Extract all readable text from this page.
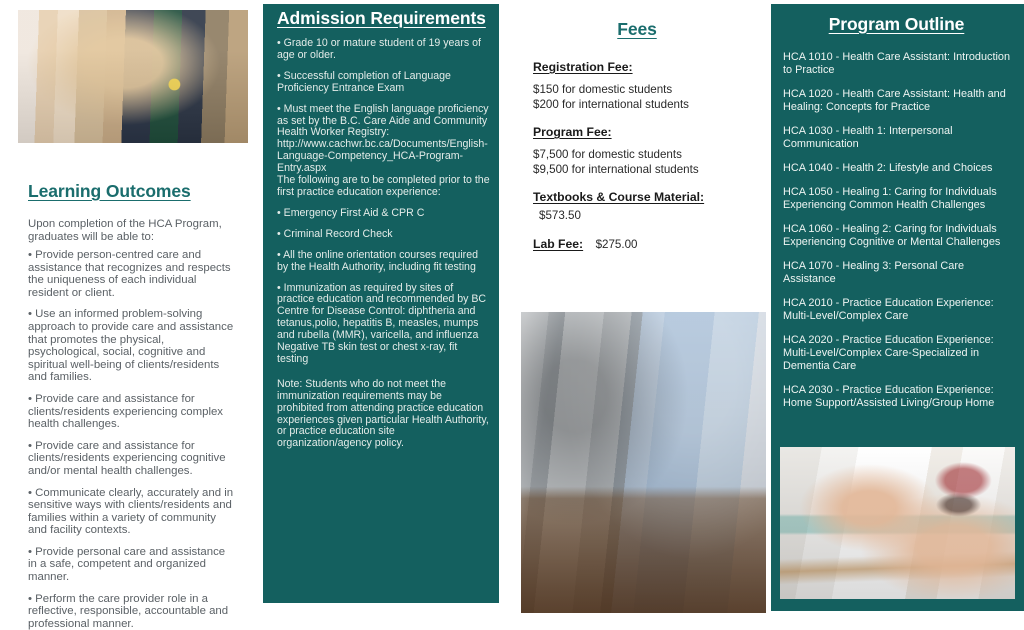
Learning Outcomes
Upon completion of the HCA Program, graduates will be able to:
• Provide person-centred care and assistance that recognizes and respects the uniqueness of each individual resident or client.
• Use an informed problem-solving approach to provide care and assistance that promotes the physical, psychological, social, cognitive and spiritual well-being of clients/residents and families.
• Provide care and assistance for clients/residents experiencing complex health challenges.
• Provide care and assistance for clients/residents experiencing cognitive and/or mental health challenges.
• Communicate clearly, accurately and in sensitive ways with clients/residents and families within a variety of community and facility contexts.
• Provide personal care and assistance in a safe, competent and organized manner.
• Perform the care provider role in a reflective, responsible, accountable and professional manner.
Admission Requirements
• Grade 10 or mature student of 19 years of age or older.
• Successful completion of Language Proficiency Entrance Exam
• Must meet the English language proficiency as set by the B.C. Care Aide and Community Health Worker Registry: http://www.cachwr.bc.ca/Documents/English-Language-Competency_HCA-Program-Entry.aspx
The following are to be completed prior to the first practice education experience:
• Emergency First Aid & CPR C
• Criminal Record Check
• All the online orientation courses required by the Health Authority, including fit testing
• Immunization as required by sites of practice education and recommended by BC Centre for Disease Control: diphtheria and tetanus,polio, hepatitis B, measles, mumps and rubella (MMR), varicella, and influenza Negative TB skin test or chest x-ray, fit testing
Note: Students who do not meet the immunization requirements may be prohibited from attending practice education experiences given particular Health Authority, or practice education site organization/agency policy.
Fees
Registration Fee:
$150 for domestic students
$200 for international students
Program Fee:
$7,500 for domestic students
$9,500 for international students
Textbooks & Course Material: $573.50
Lab Fee: $275.00
Program Outline
HCA 1010 - Health Care Assistant: Introduction to Practice
HCA 1020 - Health Care Assistant: Health and Healing: Concepts for Practice
HCA 1030 - Health 1: Interpersonal Communication
HCA 1040 - Health 2: Lifestyle and Choices
HCA 1050 - Healing 1: Caring for Individuals Experiencing Common Health Challenges
HCA 1060 - Healing 2: Caring for Individuals Experiencing Cognitive or Mental Challenges
HCA 1070 - Healing 3: Personal Care Assistance
HCA 2010 - Practice Education Experience: Multi-Level/Complex Care
HCA 2020 - Practice Education Experience: Multi-Level/Complex Care-Specialized in Dementia Care
HCA 2030 - Practice Education Experience: Home Support/Assisted Living/Group Home
